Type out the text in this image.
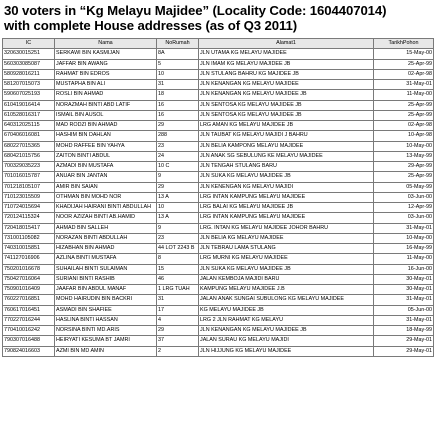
30 voters in “Kg Melayu Majidee” (Locality Code: 1604407014)
with complete House addresses (as of Q3 2011)
IC	Nama	NoRumah	Alamat1	TarikhPohon
320630015251	SERKAWI BIN KASMIJAN	8A	JLN UTAMA KG MELAYU MAJIDEE	15-May-00
560303085087	JAFFAR BIN AWANG	5	JLN IMAM KG MELAYU MAJIDEE JB	25-Apr-99
580928016211	RAHMAT BIN EDROS	10	JLN STULANG BAHRU KG MAJIDEE JB	02-Apr-98
581207015073	MUSTAPHA BIN ALI	31	JLN KENANGAN KG MELAYU MAJIDEE	31-May-01
590607025193	ROSLI BIN AHMAD	18	JLN KENANGAN KG MELAYU MAJIDEE JB	11-May-00
610419016414	NORAZMAH BINTI ABD LATIF	16	JLN SENTOSA KG MELAYU MAJIDEE JB	25-Apr-99
610528016317	ISMAIL BIN AUSOL	16	JLN SENTOSA KG MELAYU MAJIDEE JB	25-Apr-99
640312025115	MAD RODZI BIN AHMAD	29	LRG AMAN KG MELAYU MAJIDEE JB	02-Apr-98
670406016081	HASHIM BIN DAHLAN	288	JLN TAUBAT KG MELAYU MAJIDI J BAHRU	10-Apr-98
680227015365	MOHD RAFFEE BIN YAHYA	23	JLN BELIA KAMPONG MELAYU MAJIDEE	10-May-00
680421015756	ZAITON BINTI ABDUL	24	JLN ANAK SG SEBULUNG KE MELAYU MAJIDEE	13-May-99
700329035223	AZMADI BIN MUSTAFA	10 C	JLN TENGAH STULANG BARU	29-Apr-99
701016015787	ANUAR BIN JANTAN	9	JLN SUKA KG MELAYU MAJIDEE JB	25-Apr-99
701218105107	AMIR BIN SAIAN	29	JLN KENENGAN KG MELAYU MAJIDI	05-May-99
710123015509	OTHMAN BIN MOHD NOR	13 A	LRG INTAN KAMPUNG MELAYU MAJIDEE	03-Jun-00
710724015694	KHADIJAH HAIRANI BINTI ABDULLAH	10	LRG BALAI KG MELAYU MAJIDEE JB	12-Apr-99
720124115324	NOOR AZIZAH BINTI AB.HAMID	13 A	LRG INTAN KAMPUNG MELAYU MAJIDEE	03-Jun-00
720418015417	AHMAD BIN SALLEH	9	LRG. INTAN KG MELAYU MAJIDEE JOHOR BAHRU	31-May-01
731001105082	NORAZAN BINTI ABDULLAH	23	JLN BELIA KG MELAYU MAJIDEE	10-May-00
740310015851	HIZABHAN BIN AHMAD	44 LOT 2243 B	JLN TEBRAU LAMA STULANG	16-May-99
741127016906	AZLINA BINTI MUSTAFA	8	LRG MURNI KG MELAYU MAJIDEE	11-May-00
750201016678	SUHAILAH BINTI SULAIMAN	15	JLN SUKA KG MELAYU MAJIDEE JB	16-Jun-00
750427016064	SURIANI BINTI RASHIB	46	JALAN KEMBOJA MAJIDI BARU	30-May-01
750901016409	JAAFAR BIN ABDUL MANAF	1 LRG TUAH	KAMPUNG MELAYU MAJIDEE J.B	30-May-01
760227016851	MOHD HAIRUDIN BIN BACKRI	31	JALAN ANAK SUNGAI SUBULONG KG MELAYU MAJIDEE	31-May-01
760617016451	ASMADI BIN SHAFIEE	17	KG MELAYU MAJIDEE JB	05-Jun-00
770227016244	HASLINA BINTI HASSAN	4	LRG 2 JLN RAHMAT KG MELAYU	31-May-01
770410016242	NORSINA BINTI MD.ARIS	29	JLN KENANGAN KG MELAYU MAJIDEE JB	18-May-99
790307016488	HEIRYATI KESUMA BT JAMRI	37	JALAN SURAU KG MELAYU MAJIDI	29-May-01
790824016603	AZMI BIN MD AMIN	2	JLN HIJJUNG KG MELAYU MAJIDEE	29-May-01
